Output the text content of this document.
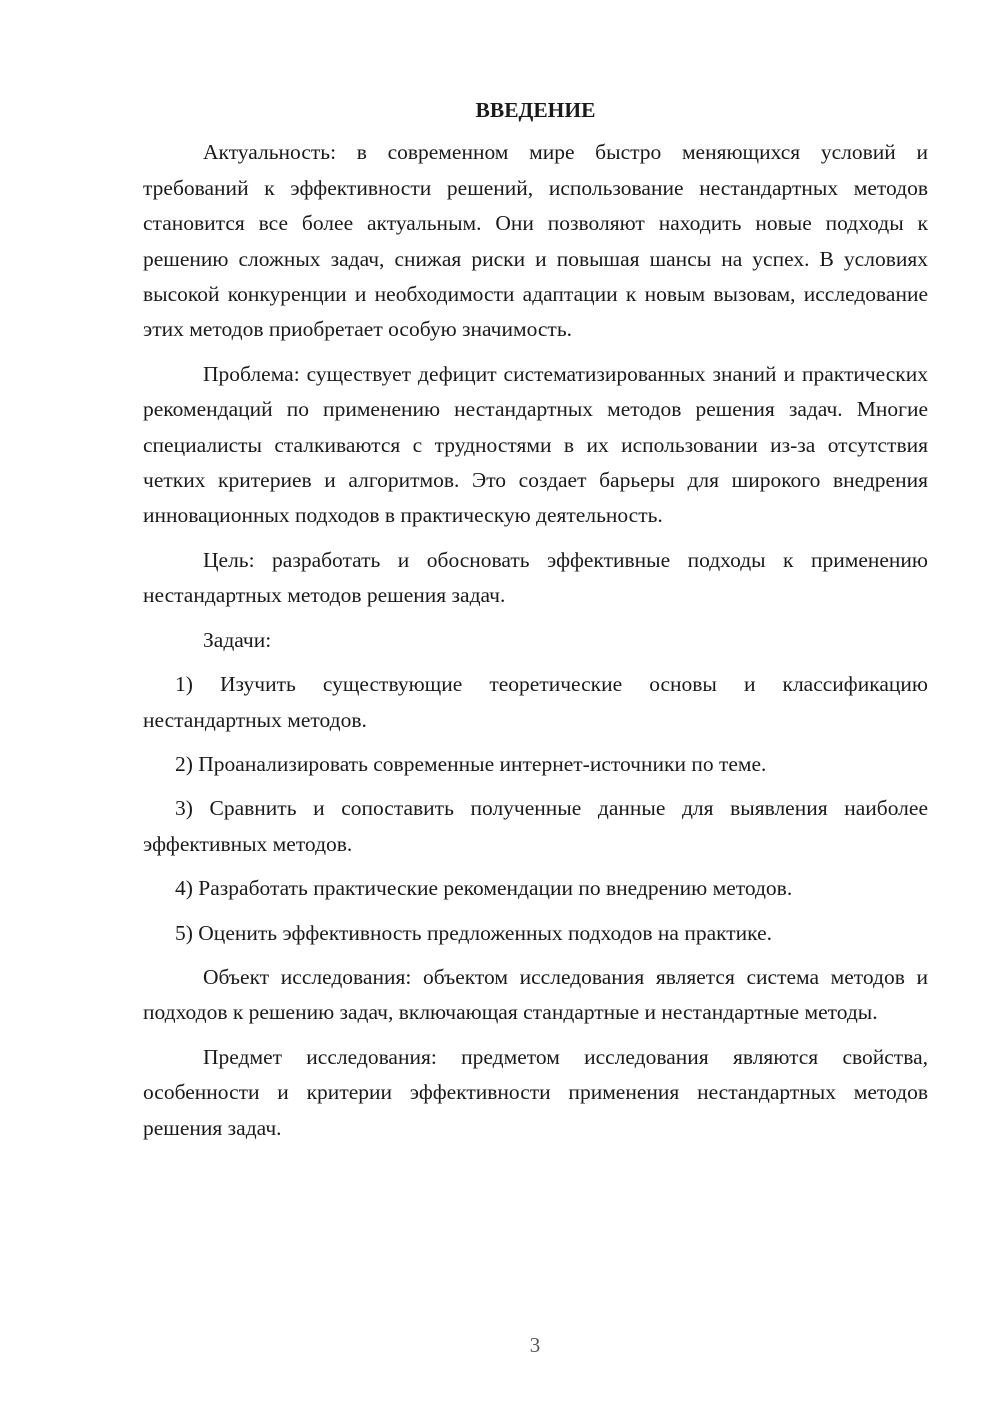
ВВЕДЕНИЕ

Актуальность: в современном мире быстро меняющихся условий и требований к эффективности решений, использование нестандартных методов становится все более актуальным. Они позволяют находить новые подходы к решению сложных задач, снижая риски и повышая шансы на успех. В условиях высокой конкуренции и необходимости адаптации к новым вызовам, исследование этих методов приобретает особую значимость.

Проблема: существует дефицит систематизированных знаний и практических рекомендаций по применению нестандартных методов решения задач. Многие специалисты сталкиваются с трудностями в их использовании из-за отсутствия четких критериев и алгоритмов. Это создает барьеры для широкого внедрения инновационных подходов в практическую деятельность.

Цель: разработать и обосновать эффективные подходы к применению нестандартных методов решения задач.

Задачи:

1) Изучить существующие теоретические основы и классификацию нестандартных методов.

2) Проанализировать современные интернет-источники по теме.

3) Сравнить и сопоставить полученные данные для выявления наиболее эффективных методов.

4) Разработать практические рекомендации по внедрению методов.

5) Оценить эффективность предложенных подходов на практике.

Объект исследования: объектом исследования является система методов и подходов к решению задач, включающая стандартные и нестандартные методы.

Предмет исследования: предметом исследования являются свойства, особенности и критерии эффективности применения нестандартных методов решения задач.

3
